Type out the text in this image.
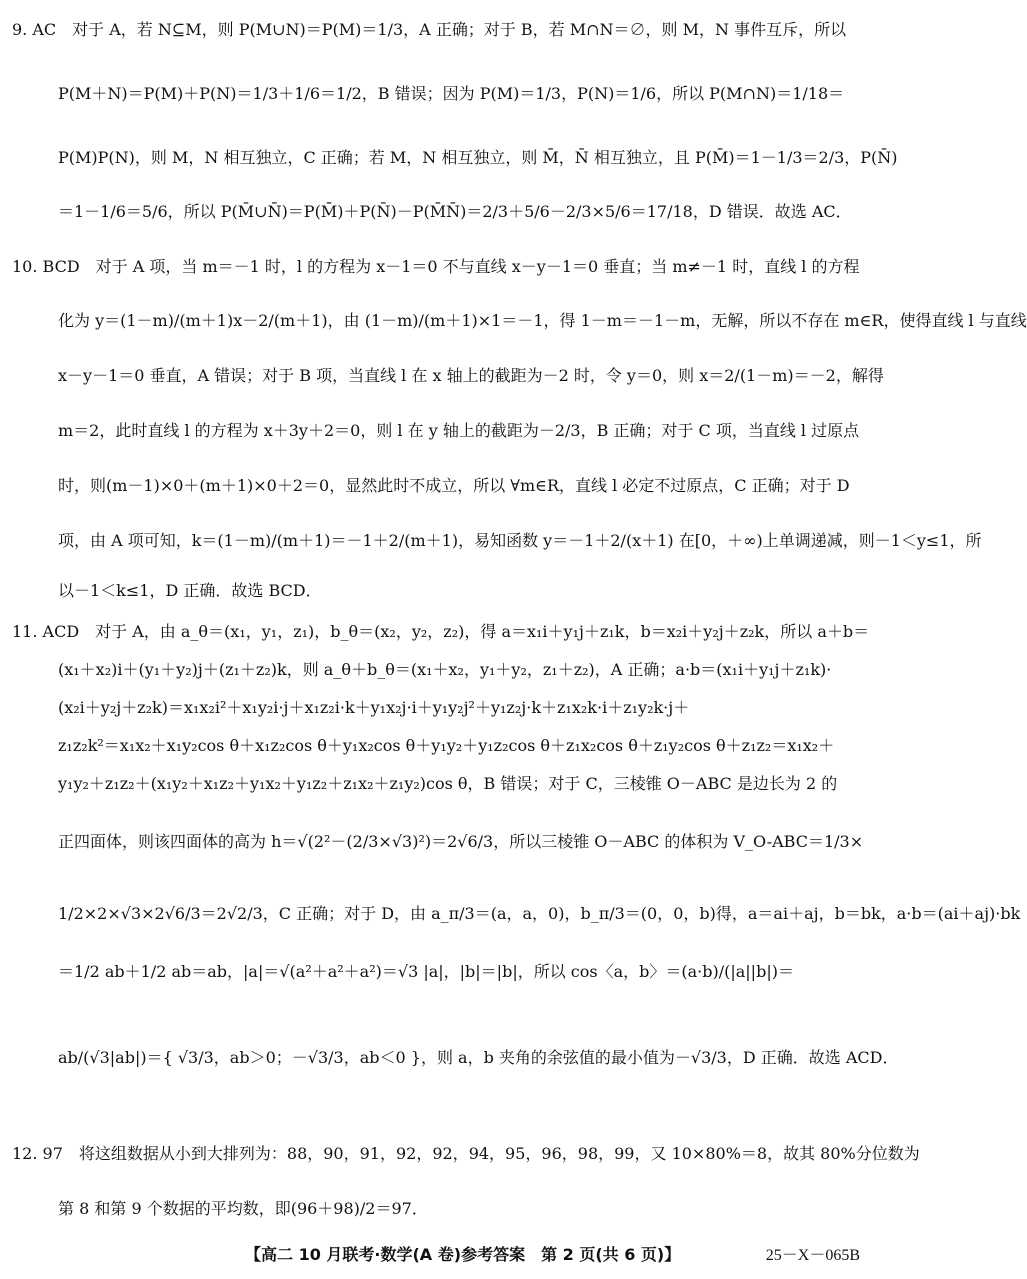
9. AC　对于 A，若 N⊆M，则 P(M∪N)＝P(M)＝1/3，A 正确；对于 B，若 M∩N＝∅，则 M，N 事件互斥，所以
P(M＋N)＝P(M)＋P(N)＝1/3＋1/6＝1/2，B 错误；因为 P(M)＝1/3，P(N)＝1/6，所以 P(M∩N)＝1/18＝
P(M)P(N)，则 M，N 相互独立，C 正确；若 M，N 相互独立，则 M̄，N̄ 相互独立，且 P(M̄)＝1－1/3＝2/3，P(N̄)
＝1－1/6＝5/6，所以 P(M̄∪N̄)＝P(M̄)＋P(N̄)－P(M̄N̄)＝2/3＋5/6－2/3×5/6＝17/18，D 错误．故选 AC．
10. BCD　对于 A 项，当 m＝－1 时，l 的方程为 x－1＝0 不与直线 x－y－1＝0 垂直；当 m≠－1 时，直线 l 的方程
化为 y＝(1－m)/(m＋1)x－2/(m＋1)，由 (1－m)/(m＋1)×1＝－1，得 1－m＝－1－m，无解，所以不存在 m∈R，使得直线 l 与直线
x－y－1＝0 垂直，A 错误；对于 B 项，当直线 l 在 x 轴上的截距为－2 时，令 y＝0，则 x＝2/(1－m)＝－2，解得
m＝2，此时直线 l 的方程为 x＋3y＋2＝0，则 l 在 y 轴上的截距为－2/3，B 正确；对于 C 项，当直线 l 过原点
时，则(m－1)×0＋(m＋1)×0＋2＝0，显然此时不成立，所以 ∀m∈R，直线 l 必定不过原点，C 正确；对于 D
项，由 A 项可知，k＝(1－m)/(m＋1)＝－1＋2/(m＋1)，易知函数 y＝－1＋2/(x＋1) 在[0，＋∞)上单调递减，则－1＜y≤1，所
以－1＜k≤1，D 正确．故选 BCD．
11. ACD　对于 A，由 a_θ＝(x₁，y₁，z₁)，b_θ＝(x₂，y₂，z₂)，得 a＝x₁i＋y₁j＋z₁k，b＝x₂i＋y₂j＋z₂k，所以 a＋b＝
(x₁＋x₂)i＋(y₁＋y₂)j＋(z₁＋z₂)k，则 a_θ＋b_θ＝(x₁＋x₂，y₁＋y₂，z₁＋z₂)，A 正确；a·b＝(x₁i＋y₁j＋z₁k)·
(x₂i＋y₂j＋z₂k)＝x₁x₂i²＋x₁y₂i·j＋x₁z₂i·k＋y₁x₂j·i＋y₁y₂j²＋y₁z₂j·k＋z₁x₂k·i＋z₁y₂k·j＋
z₁z₂k²＝x₁x₂＋x₁y₂cos θ＋x₁z₂cos θ＋y₁x₂cos θ＋y₁y₂＋y₁z₂cos θ＋z₁x₂cos θ＋z₁y₂cos θ＋z₁z₂＝x₁x₂＋
y₁y₂＋z₁z₂＋(x₁y₂＋x₁z₂＋y₁x₂＋y₁z₂＋z₁x₂＋z₁y₂)cos θ，B 错误；对于 C，三棱锥 O－ABC 是边长为 2 的
正四面体，则该四面体的高为 h＝√(2²－(2/3×√3)²)＝2√6/3，所以三棱锥 O－ABC 的体积为 V_O-ABC＝1/3×
1/2×2×√3×2√6/3＝2√2/3，C 正确；对于 D，由 a_π/3＝(a，a，0)，b_π/3＝(0，0，b)得，a＝ai＋aj，b＝bk，a·b＝(ai＋aj)·bk
＝1/2 ab＋1/2 ab＝ab，|a|＝√(a²＋a²＋a²)＝√3 |a|，|b|＝|b|，所以 cos〈a，b〉＝(a·b)/(|a||b|)＝
ab/(√3|ab|)＝{ √3/3，ab＞0；－√3/3，ab＜0 }，则 a，b 夹角的余弦值的最小值为－√3/3，D 正确．故选 ACD．
12. 97　将这组数据从小到大排列为：88，90，91，92，92，94，95，96，98，99，又 10×80%＝8，故其 80%分位数为
第 8 和第 9 个数据的平均数，即(96＋98)/2＝97．
【高二 10 月联考·数学(A 卷)参考答案　第 2 页(共 6 页)】	25－X－065B
